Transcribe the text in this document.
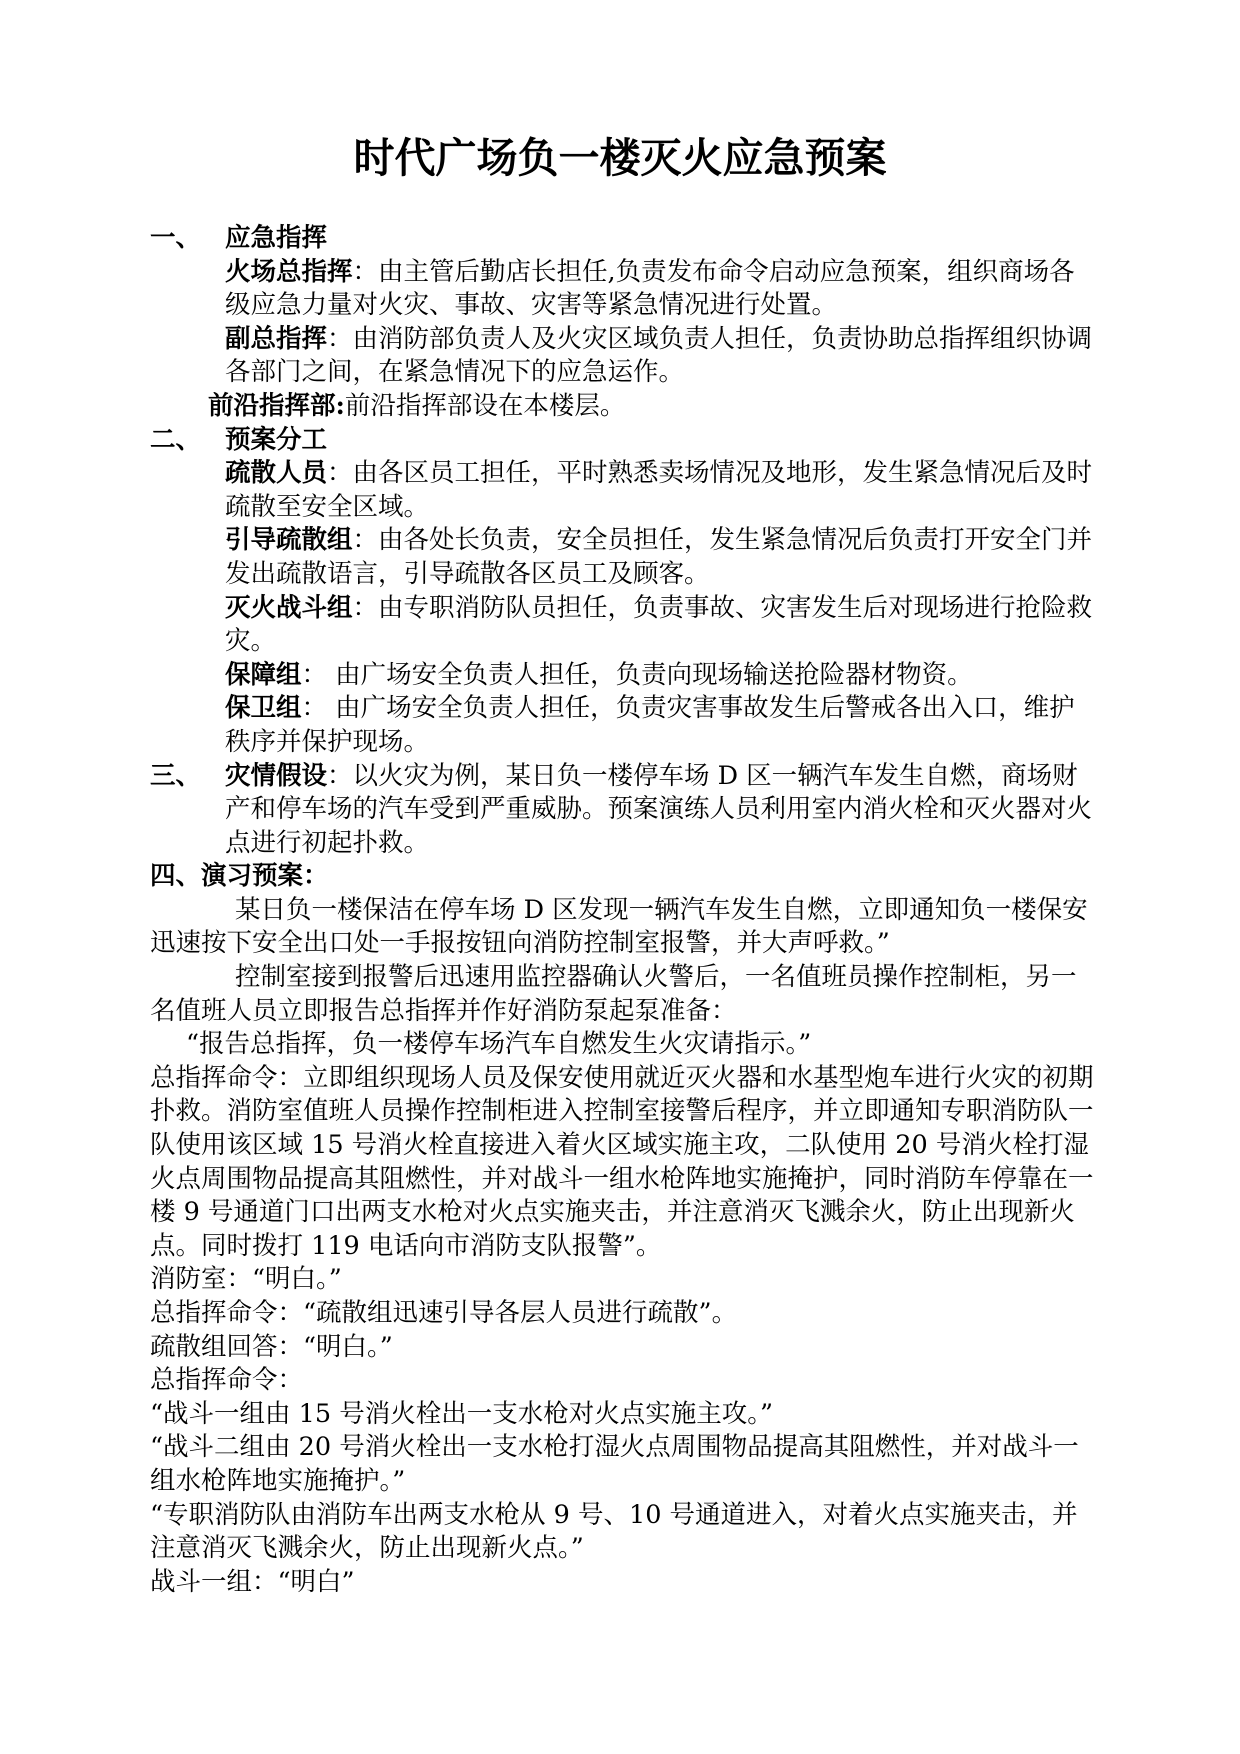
时代广场负一楼灭火应急预案
一、 应急指挥
火场总指挥：由主管后勤店长担任,负责发布命令启动应急预案，组织商场各级应急力量对火灾、事故、灾害等紧急情况进行处置。
副总指挥：由消防部负责人及火灾区域负责人担任，负责协助总指挥组织协调各部门之间，在紧急情况下的应急运作。
前沿指挥部:前沿指挥部设在本楼层。
二、 预案分工
疏散人员：由各区员工担任，平时熟悉卖场情况及地形，发生紧急情况后及时疏散至安全区域。
引导疏散组：由各处长负责，安全员担任，发生紧急情况后负责打开安全门并发出疏散语言，引导疏散各区员工及顾客。
灭火战斗组：由专职消防队员担任，负责事故、灾害发生后对现场进行抢险救灾。
保障组： 由广场安全负责人担任，负责向现场输送抢险器材物资。
保卫组： 由广场安全负责人担任，负责灾害事故发生后警戒各出入口，维护秩序并保护现场。
三、 灾情假设：以火灾为例，某日负一楼停车场 D 区一辆汽车发生自燃，商场财产和停车场的汽车受到严重威胁。预案演练人员利用室内消火栓和灭火器对火点进行初起扑救。
四、演习预案：
某日负一楼保洁在停车场 D 区发现一辆汽车发生自燃，立即通知负一楼保安迅速按下安全出口处一手报按钮向消防控制室报警，并大声呼救。”
控制室接到报警后迅速用监控器确认火警后，一名值班员操作控制柜，另一名值班人员立即报告总指挥并作好消防泵起泵准备：
“报告总指挥，负一楼停车场汽车自燃发生火灾请指示。”
总指挥命令：立即组织现场人员及保安使用就近灭火器和水基型炮车进行火灾的初期扑救。消防室值班人员操作控制柜进入控制室接警后程序，并立即通知专职消防队一队使用该区域 15 号消火栓直接进入着火区域实施主攻，二队使用 20 号消火栓打湿火点周围物品提高其阻燃性，并对战斗一组水枪阵地实施掩护，同时消防车停靠在一楼 9 号通道门口出两支水枪对火点实施夹击，并注意消灭飞溅余火，防止出现新火点。同时拨打 119 电话向市消防支队报警”。
消防室：“明白。”
总指挥命令：“疏散组迅速引导各层人员进行疏散”。
疏散组回答：“明白。”
总指挥命令：
“战斗一组由 15 号消火栓出一支水枪对火点实施主攻。”
“战斗二组由 20 号消火栓出一支水枪打湿火点周围物品提高其阻燃性，并对战斗一组水枪阵地实施掩护。”
“专职消防队由消防车出两支水枪从 9 号、10 号通道进入，对着火点实施夹击，并注意消灭飞溅余火，防止出现新火点。”
战斗一组：“明白”
